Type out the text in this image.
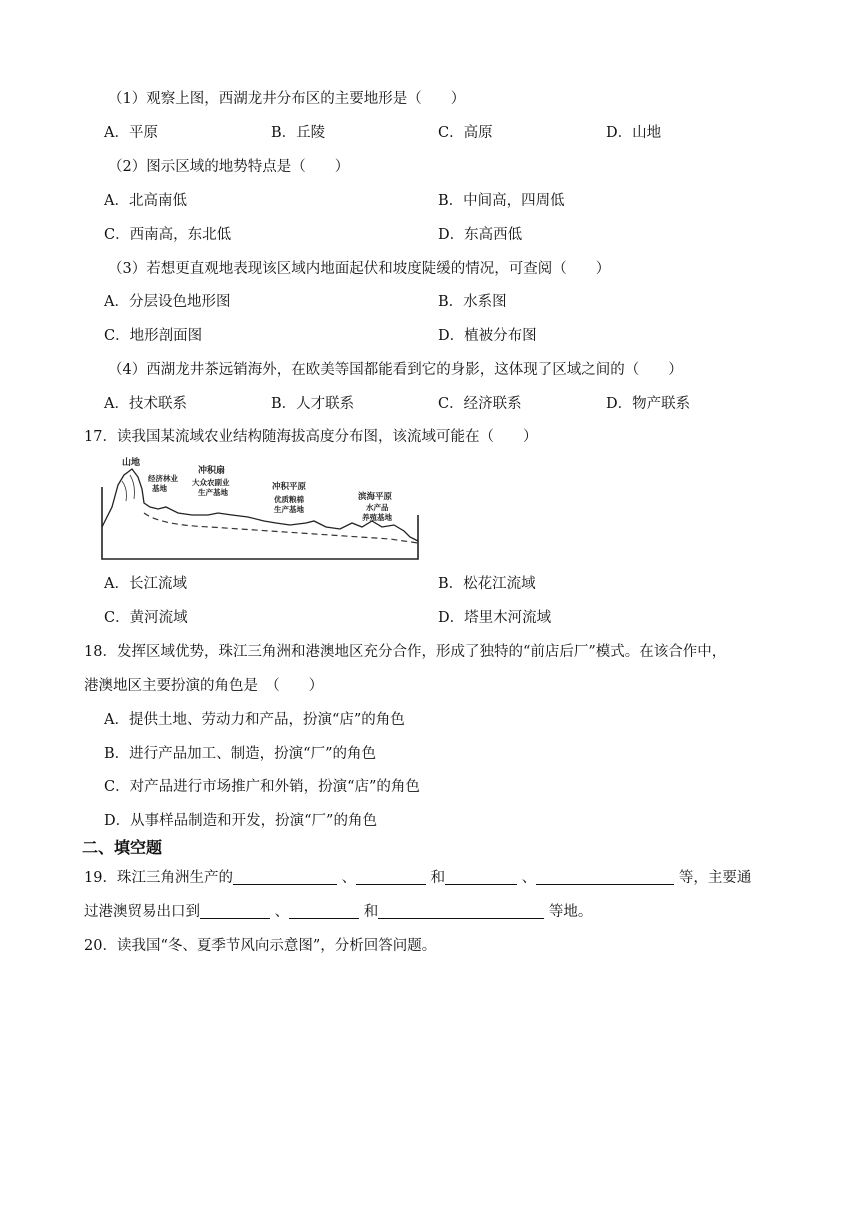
（1）观察上图，西湖龙井分布区的主要地形是（　　）
A．平原	B．丘陵	C．高原	D．山地
（2）图示区域的地势特点是（　　）
A．北高南低	B．中间高，四周低
C．西南高，东北低	D．东高西低
（3）若想更直观地表现该区域内地面起伏和坡度陡缓的情况，可查阅（　　）
A．分层设色地形图	B．水系图
C．地形剖面图	D．植被分布图
（4）西湖龙井茶远销海外，在欧美等国都能看到它的身影，这体现了区域之间的（　　）
A．技术联系	B．人才联系	C．经济联系	D．物产联系
17．读我国某流域农业结构随海拔高度分布图，该流域可能在（　　）
山地
经济林业
基地
冲积扇
大众农副业
生产基地
冲积平原
优质粮棉
生产基地
滨海平原
水产品
养殖基地
A．长江流域	B．松花江流域
C．黄河流域	D．塔里木河流域
18．发挥区域优势，珠江三角洲和港澳地区充分合作，形成了独特的“前店后厂”模式。在该合作中，
港澳地区主要扮演的角色是　（　　）
A．提供土地、劳动力和产品，扮演“店”的角色
B．进行产品加工、制造，扮演“厂”的角色
C．对产品进行市场推广和外销，扮演“店”的角色
D．从事样品制造和开发，扮演“厂”的角色
二、填空题
19．珠江三角洲生产的	、	和	、	等，主要通
过港澳贸易出口到	、	和	等地。
20．读我国“冬、夏季节风向示意图”，分析回答问题。
